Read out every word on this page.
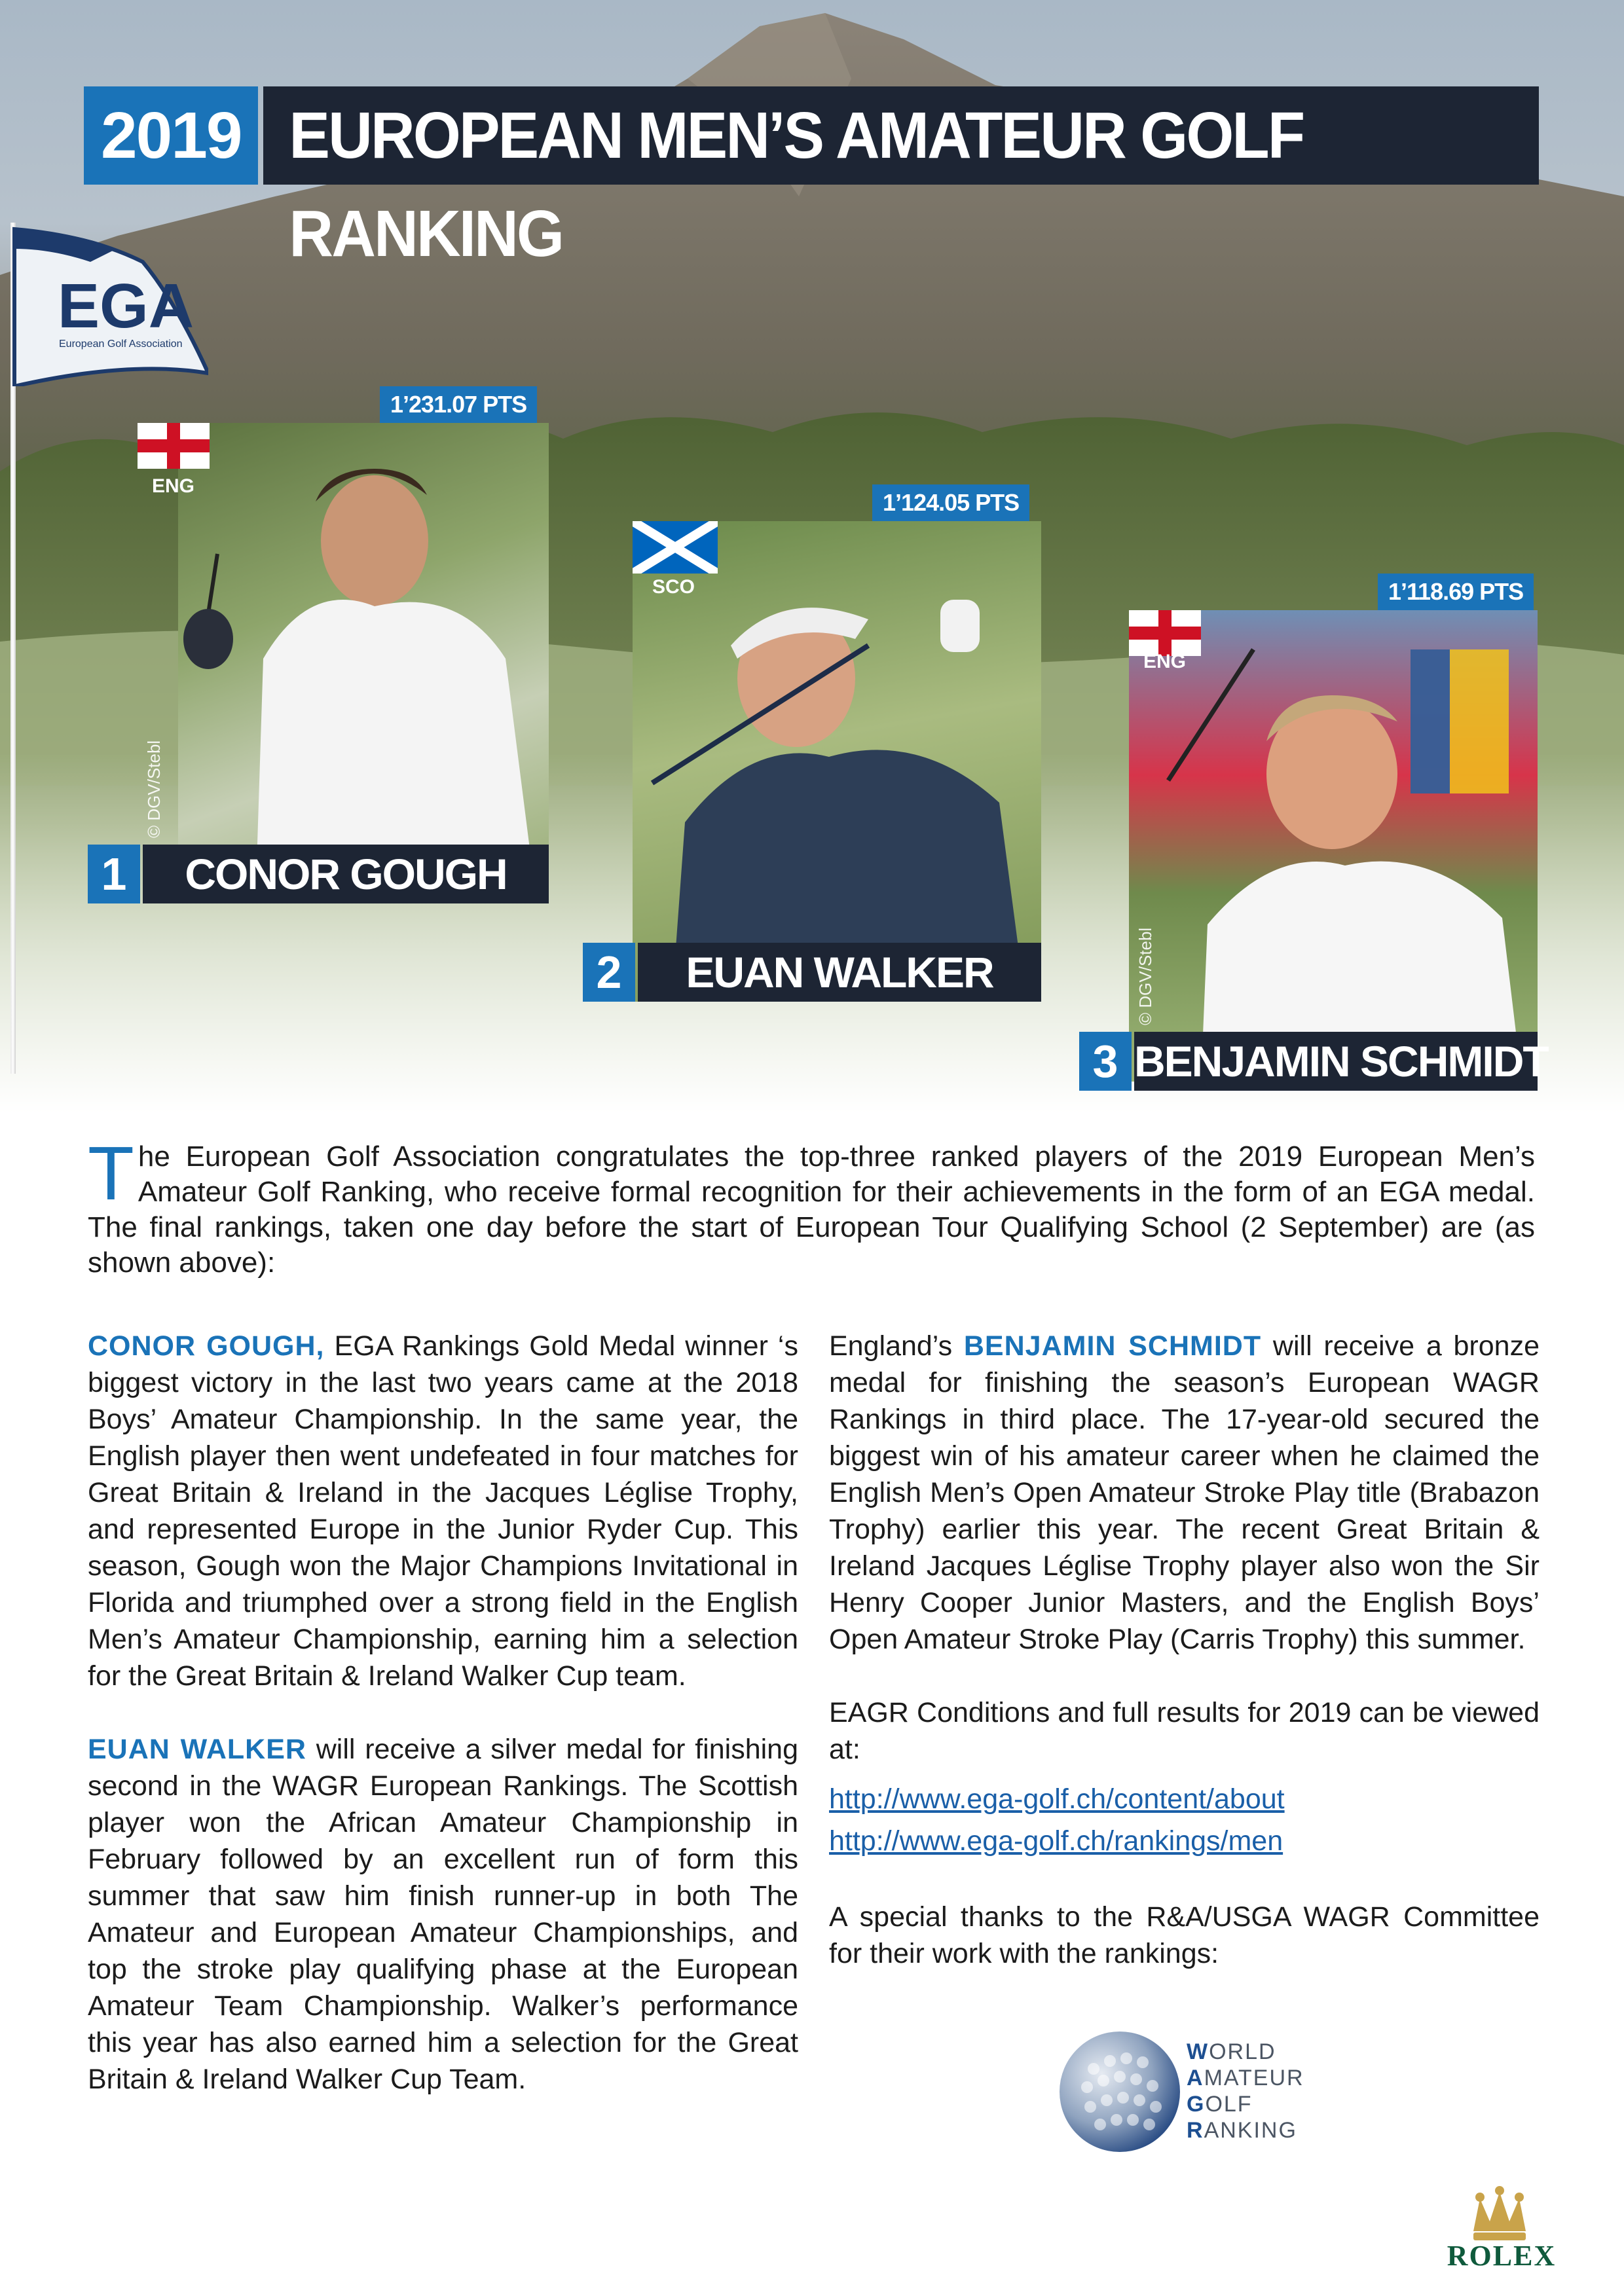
EGA
European Golf Association
2019 EUROPEAN MEN’S AMATEUR GOLF RANKING
1’231.07 PTS
ENG
© DGV/Stebl
1	CONOR GOUGH
1’124.05 PTS
SCO
2	EUAN WALKER
1’118.69 PTS
ENG
© DGV/Stebl
3 BENJAMIN SCHMIDT

The European Golf Association congratulates the top-three ranked players of the 2019 European Men’s Amateur Golf Ranking, who receive formal recognition for their achievements in the form of an EGA medal. The final rankings, taken one day before the start of European Tour Qualifying School (2 September) are (as shown above):

CONOR GOUGH, EGA Rankings Gold Medal winner ‘s biggest victory in the last two years came at the 2018 Boys’ Amateur Championship. In the same year, the English player then went undefeated in four matches for Great Britain & Ireland in the Jacques Léglise Trophy, and represented Europe in the Junior Ryder Cup. This season, Gough won the Major Champions Invitational in Florida and triumphed over a strong field in the English Men’s Amateur Championship, earning him a selection for the Great Britain & Ireland Walker Cup team.

EUAN WALKER will receive a silver medal for finishing second in the WAGR European Rankings. The Scottish player won the African Amateur Championship in February followed by an excellent run of form this summer that saw him finish runner-up in both The Amateur and European Amateur Championships, and top the stroke play qualifying phase at the European Amateur Team Championship. Walker’s performance this year has also earned him a selection for the Great Britain & Ireland Walker Cup Team.

England’s BENJAMIN SCHMIDT will receive a bronze medal for finishing the season’s European WAGR Rankings in third place. The 17-year-old secured the biggest win of his amateur career when he claimed the English Men’s Open Amateur Stroke Play title (Brabazon Trophy) earlier this year. The recent Great Britain & Ireland Jacques Léglise Trophy player also won the Sir Henry Cooper Junior Masters, and the English Boys’ Open Amateur Stroke Play (Carris Trophy) this summer.

EAGR Conditions and full results for 2019 can be viewed at:

http://www.ega-golf.ch/content/about
http://www.ega-golf.ch/rankings/men

A special thanks to the R&A/USGA WAGR Committee for their work with the rankings:

WORLD
AMATEUR
GOLF
RANKING
ROLEX
